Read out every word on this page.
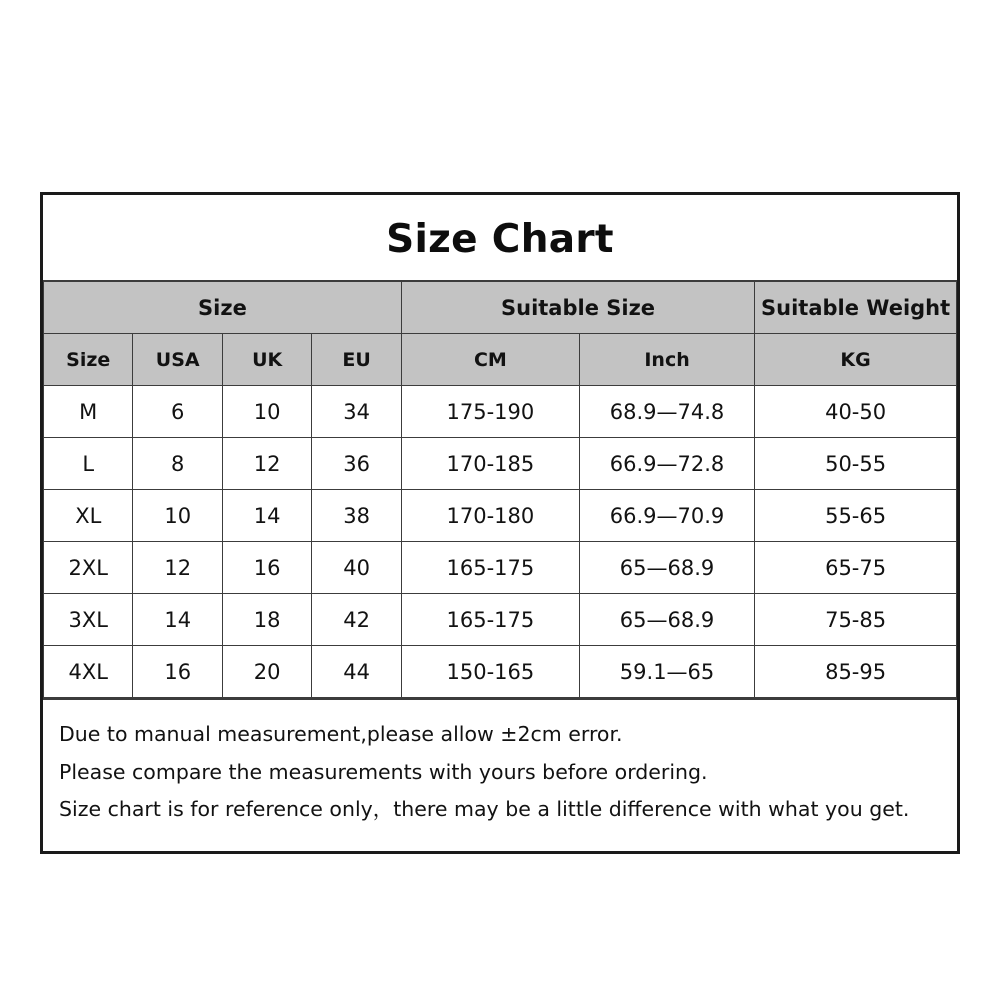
Size Chart
Size				Suitable Size		Suitable Weight
Size	USA	UK	EU	CM	Inch	KG
M	6	10	34	175-190	68.9—74.8	40-50
L	8	12	36	170-185	66.9—72.8	50-55
XL	10	14	38	170-180	66.9—70.9	55-65
2XL	12	16	40	165-175	65—68.9	65-75
3XL	14	18	42	165-175	65—68.9	75-85
4XL	16	20	44	150-165	59.1—65	85-95
Due to manual measurement,please allow ±2cm error.
Please compare the measurements with yours before ordering.
Size chart is for reference only，there may be a little difference with what you get.
